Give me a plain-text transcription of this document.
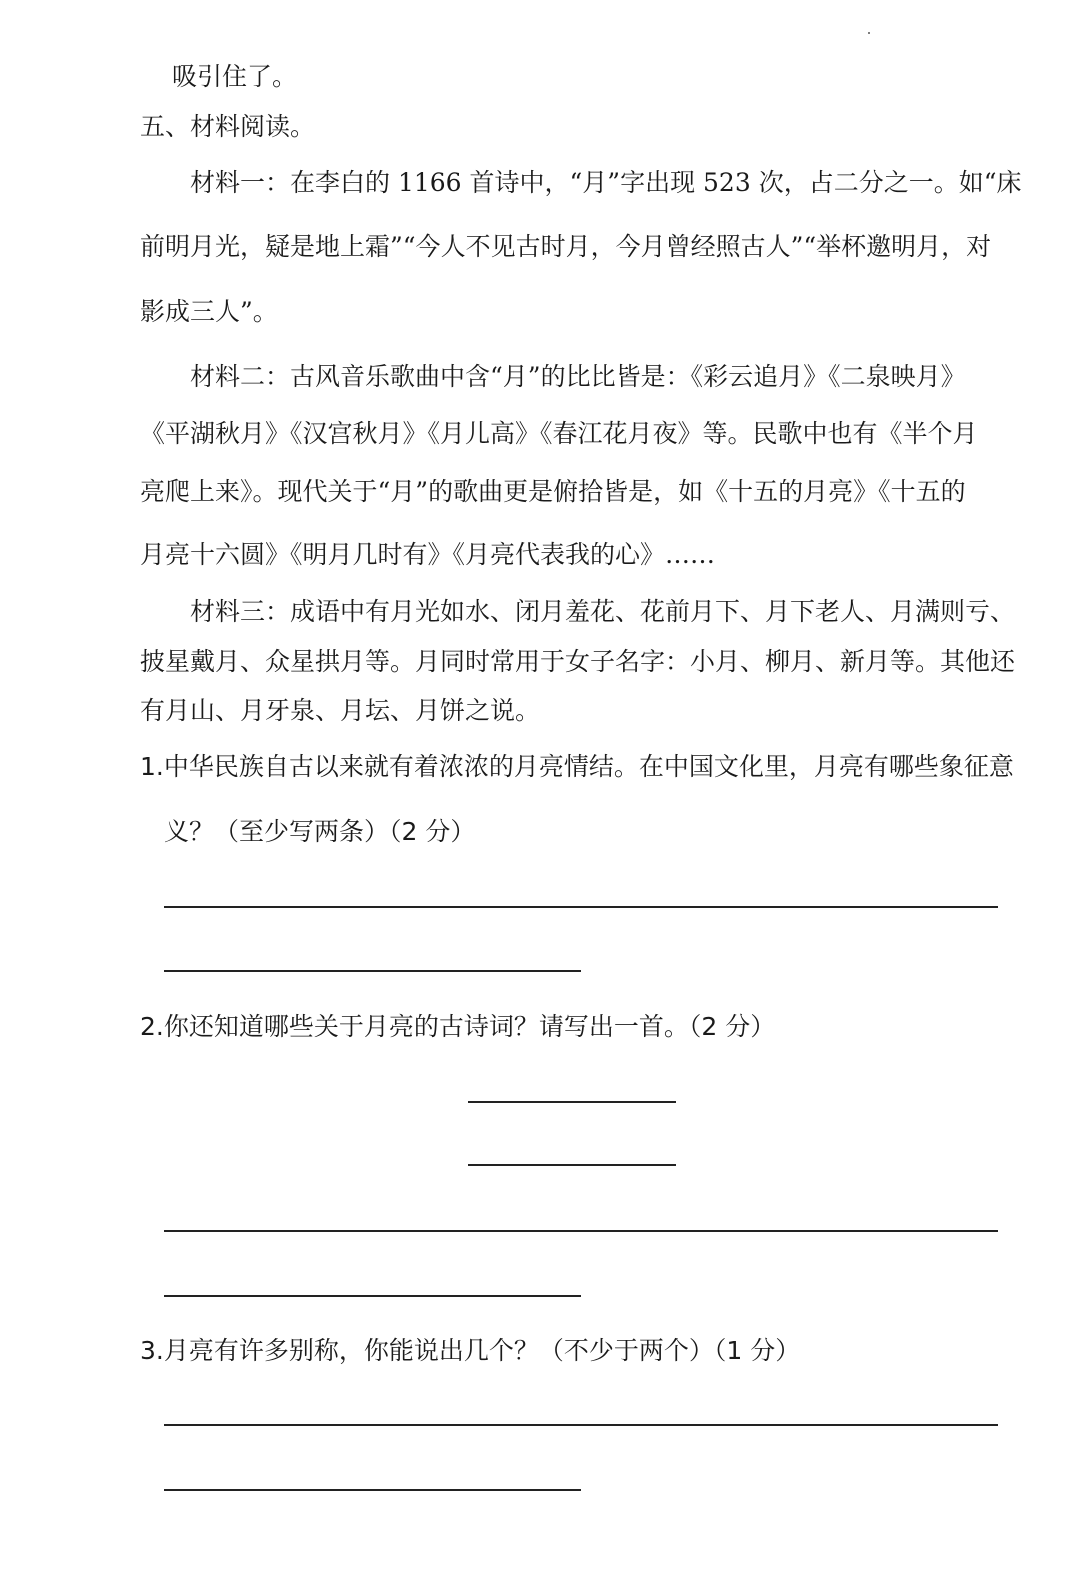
吸引住了。
五、材料阅读。
材料一：在李白的 1166 首诗中，“月”字出现 523 次，占二分之一。如“床
前明月光，疑是地上霜”“今人不见古时月，今月曾经照古人”“举杯邀明月，对
影成三人”。
材料二：古风音乐歌曲中含“月”的比比皆是：《彩云追月》《二泉映月》
《平湖秋月》《汉宫秋月》《月儿高》《春江花月夜》等。民歌中也有《半个月
亮爬上来》。现代关于“月”的歌曲更是俯拾皆是，如《十五的月亮》《十五的
月亮十六圆》《明月几时有》《月亮代表我的心》……
材料三：成语中有月光如水、闭月羞花、花前月下、月下老人、月满则亏、
披星戴月、众星拱月等。月同时常用于女子名字：小月、柳月、新月等。其他还
有月山、月牙泉、月坛、月饼之说。
1.中华民族自古以来就有着浓浓的月亮情结。在中国文化里，月亮有哪些象征意
义？（至少写两条）（2 分）
2.你还知道哪些关于月亮的古诗词？请写出一首。（2 分）
3.月亮有许多别称，你能说出几个？（不少于两个）（1 分）
